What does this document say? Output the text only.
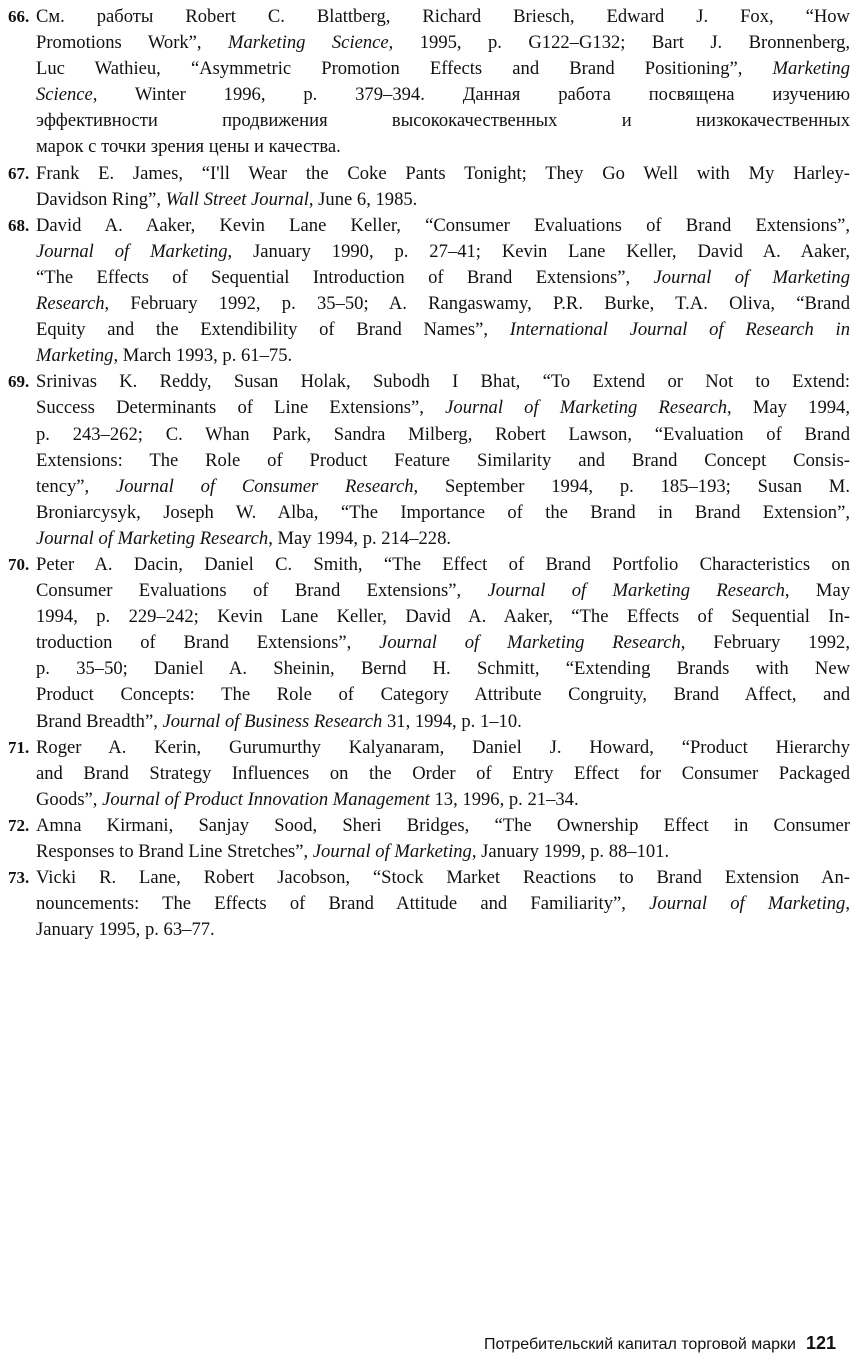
66. См. работы Robert C. Blattberg, Richard Briesch, Edward J. Fox, “How
Promotions Work”, Marketing Science, 1995, p. G122–G132; Bart J. Bronnenberg,
Luc Wathieu, “Asymmetric Promotion Effects and Brand Positioning”, Marketing
Science, Winter 1996, p. 379–394. Данная работа посвящена изучению
эффективности продвижения высококачественных и низкокачественных
марок с точки зрения цены и качества.
67. Frank E. James, “I'll Wear the Coke Pants Tonight; They Go Well with My Harley-
Davidson Ring”, Wall Street Journal, June 6, 1985.
68. David A. Aaker, Kevin Lane Keller, “Consumer Evaluations of Brand Extensions”,
Journal of Marketing, January 1990, p. 27–41; Kevin Lane Keller, David A. Aaker,
“The Effects of Sequential Introduction of Brand Extensions”, Journal of Marketing
Research, February 1992, p. 35–50; A. Rangaswamy, P.R. Burke, T.A. Oliva, “Brand
Equity and the Extendibility of Brand Names”, International Journal of Research in
Marketing, March 1993, p. 61–75.
69. Srinivas K. Reddy, Susan Holak, Subodh I Bhat, “To Extend or Not to Extend:
Success Determinants of Line Extensions”, Journal of Marketing Research, May 1994,
p. 243–262; C. Whan Park, Sandra Milberg, Robert Lawson, “Evaluation of Brand
Extensions: The Role of Product Feature Similarity and Brand Concept Consis-
tency”, Journal of Consumer Research, September 1994, p. 185–193; Susan M.
Broniarcysyk, Joseph W. Alba, “The Importance of the Brand in Brand Extension”,
Journal of Marketing Research, May 1994, p. 214–228.
70. Peter A. Dacin, Daniel C. Smith, “The Effect of Brand Portfolio Characteristics on
Consumer Evaluations of Brand Extensions”, Journal of Marketing Research, May
1994, p. 229–242; Kevin Lane Keller, David A. Aaker, “The Effects of Sequential In-
troduction of Brand Extensions”, Journal of Marketing Research, February 1992,
p. 35–50; Daniel A. Sheinin, Bernd H. Schmitt, “Extending Brands with New
Product Concepts: The Role of Category Attribute Congruity, Brand Affect, and
Brand Breadth”, Journal of Business Research 31, 1994, p. 1–10.
71. Roger A. Kerin, Gurumurthy Kalyanaram, Daniel J. Howard, “Product Hierarchy
and Brand Strategy Influences on the Order of Entry Effect for Consumer Packaged
Goods”, Journal of Product Innovation Management 13, 1996, p. 21–34.
72. Amna Kirmani, Sanjay Sood, Sheri Bridges, “The Ownership Effect in Consumer
Responses to Brand Line Stretches”, Journal of Marketing, January 1999, p. 88–101.
73. Vicki R. Lane, Robert Jacobson, “Stock Market Reactions to Brand Extension An-
nouncements: The Effects of Brand Attitude and Familiarity”, Journal of Marketing,
January 1995, p. 63–77.
Потребительский капитал торговой марки 121
